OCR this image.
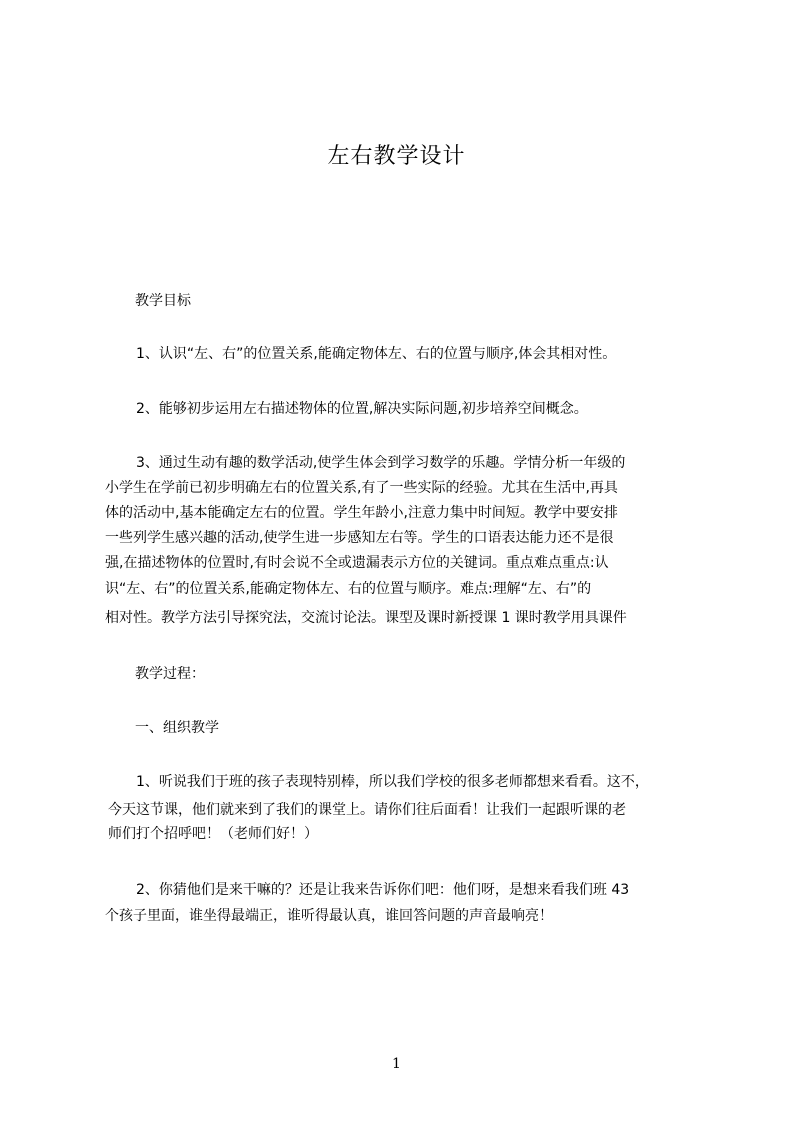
左右教学设计
教学目标
1、认识“左、右”的位置关系,能确定物体左、右的位置与顺序,体会其相对性。
2、能够初步运用左右描述物体的位置,解决实际问题,初步培养空间概念。
3、通过生动有趣的数学活动,使学生体会到学习数学的乐趣。学情分析一年级的
小学生在学前已初步明确左右的位置关系,有了一些实际的经验。尤其在生活中,再具
体的活动中,基本能确定左右的位置。学生年龄小,注意力集中时间短。教学中要安排
一些列学生感兴趣的活动,使学生进一步感知左右等。学生的口语表达能力还不是很
强,在描述物体的位置时,有时会说不全或遗漏表示方位的关键词。重点难点重点:认
识“左、右”的位置关系,能确定物体左、右的位置与顺序。难点:理解“左、右”的
相对性。教学方法引导探究法，交流讨论法。课型及课时新授课 1 课时教学用具课件
教学过程：
一、组织教学
1、听说我们于班的孩子表现特别棒，所以我们学校的很多老师都想来看看。这不，
今天这节课，他们就来到了我们的课堂上。请你们往后面看！让我们一起跟听课的老
师们打个招呼吧！（老师们好！）
2、你猜他们是来干嘛的？还是让我来告诉你们吧：他们呀，是想来看我们班 43
个孩子里面，谁坐得最端正，谁听得最认真，谁回答问题的声音最响亮！
1
